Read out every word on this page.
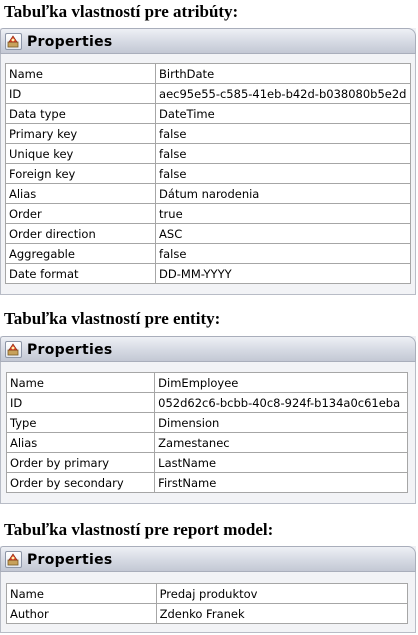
Tabuľka vlastností pre atribúty:
Properties
Name	BirthDate
ID	aec95e55-c585-41eb-b42d-b038080b5e2d
Data type	DateTime
Primary key	false
Unique key	false
Foreign key	false
Alias	Dátum narodenia
Order	true
Order direction	ASC
Aggregable	false
Date format	DD-MM-YYYY
Tabuľka vlastností pre entity:
Properties
Name	DimEmployee
ID	052d62c6-bcbb-40c8-924f-b134a0c61eba
Type	Dimension
Alias	Zamestanec
Order by primary	LastName
Order by secondary	FirstName
Tabuľka vlastností pre report model:
Properties
Name	Predaj produktov
Author	Zdenko Franek
